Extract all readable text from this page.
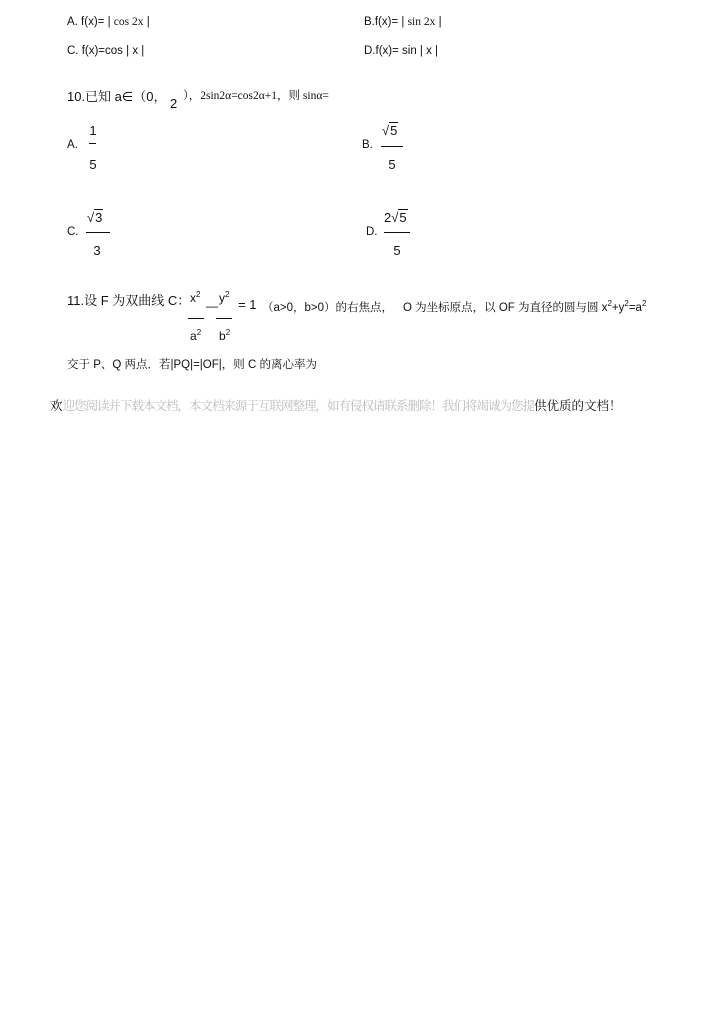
A. f(x)= | cos 2x |	B.f(x)= | sin 2x |
C. f(x)=cos | x |	D.f(x)= sin | x |
10.已知 a∈（0， 2 ），2sin2α=cos2α+1，则 sinα=
A.
1
5
B.
√5
5
C.
√3
3
D.
2√5
5
11.设 F 为双曲线 C： $x^2$ $y^2$
— = 1 （a>0，b>0）的右焦点， O 为坐标原点，以 OF 为直径的圆与圆 $x^2+y^2=a^2$
$a^2$ $b^2$
交于 P、Q 两点．若|PQ|=|OF|，则 C 的离心率为
欢迎您阅读并下载本文档，本文档来源于互联网整理，如有侵权请联系删除！我们将竭诚为您提供优质的文档！
